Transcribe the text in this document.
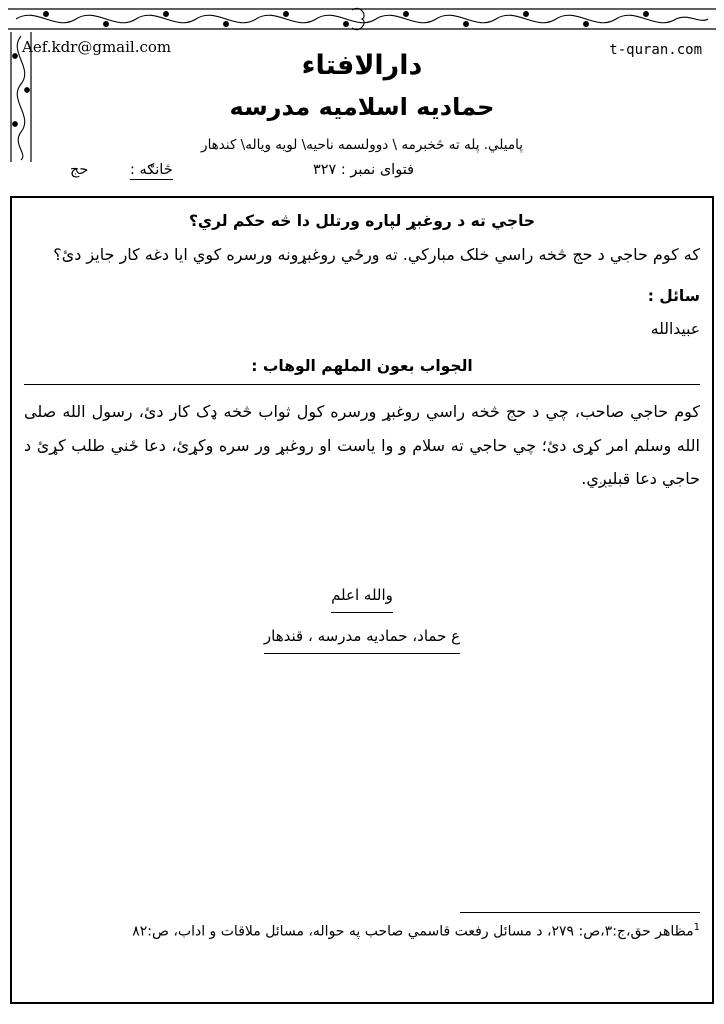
Aef.kdr@gmail.com	t-quran.com
دارالافتاء
حماديه اسلاميه مدرسه
پاميلي. پله ته څخبرمه \ دوولسمه ناحيه\ لويه وياله\ كندهار
فتواى نمبر : ۳۲۷
څانګه :
حج
حاجي ته د روغبړ لپاره ورتلل دا څه حكم لري؟
كه كوم حاجي د حج څخه راسي خلک مباركي. ته ورځي روغبړونه ورسره كوي ايا دغه كار جايز دئ؟
سائل :
عبيدالله
الجواب بعون الملهم الوهاب :
كوم حاجي صاحب، چي د حج څخه راسي روغبړ ورسره كول ثواب څخه ډک كار دئ، رسول الله صلى الله وسلم امر كړى دئ؛ چي حاجي ته سلام و وا ياست او روغبړ ور سره وكړئ، دعا ځني طلب كړئ د حاجي دعا قبليږي.
والله اعلم
ع حماد، حماديه مدرسه ، قندهار
$^1$مظاهر حق،ج:۳،ص: ۲۷۹، د مسائل رفعت قاسمي صاحب په حواله، مسائل ملاقات و اداب، ص:۸۲
